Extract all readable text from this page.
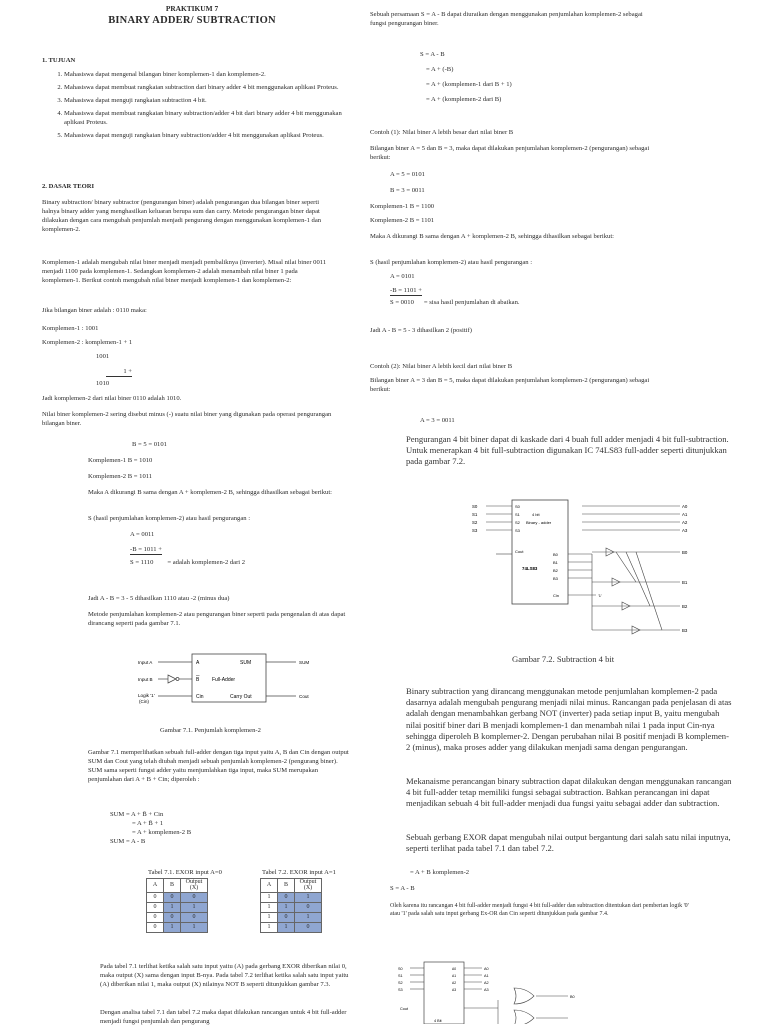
PRAKTIKUM 7
BINARY ADDER/ SUBTRACTION
1. TUJUAN
1. Mahasiswa dapat mengenal bilangan biner komplemen-1 dan komplemen-2.
2. Mahasiswa dapat membuat rangkaian subtraction dari binary adder 4 bit menggunakan aplikasi Proteus.
3. Mahasiswa dapat menguji rangkaian subtraction 4 bit.
4. Mahasiswa dapat membuat rangkaian binary subtraction/adder 4 bit dari binary adder 4 bit menggunakan aplikasi Proteus.
5. Mahasiswa dapat menguji rangkaian binary subtraction/adder 4 bit menggunakan aplikasi Proteus.
2. DASAR TEORI

Binary subtraction/ binary subtractor (pengurangan biner) adalah pengurangan dua bilangan biner seperti halnya binary adder yang menghasilkan keluaran berupa sum dan carry. Metode pengurangan biner dapat dilakukan dengan cara mengubah penjumlah menjadi pengurang dengan menggunakan komplemen-1 dan komplemen-2.

Komplemen-1 adalah mengubah nilai biner menjadi menjadi pembaliknya (inverter). Misal nilai biner 0011 menjadi 1100 pada komplemen-1. Sedangkan komplemen-2 adalah menambah nilai biner 1 pada komplemen-1. Berikut contoh mengubah nilai biner menjadi komplemen-1 dan komplemen-2:

Jika bilangan biner adalah : 0110 maka:

Komplemen-1 : 1001

Komplemen-2 : komplemen-1 + 1

1001
1 +
1010

Jadi komplemen-2 dari nilai biner 0110 adalah 1010.

Nilai biner komplemen-2 sering disebut minus (-) suatu nilai biner yang digunakan pada operasi pengurangan bilangan biner.

B = 5 = 0101

Komplemen-1 B = 1010

Komplemen-2 B = 1011

Maka A dikurangi B sama dengan A + komplemen-2 B, sehingga dihasilkan sebagai berikut:

S (hasil penjumlahan komplemen-2) atau hasil pengurangan :

A = 0011
-B = 1011 +
S = 1110 = adalah komplemen-2 dari 2

Jadi A - B = 3 - 5 dihasilkan 1110 atau -2 (minus dua)

Metode penjumlahan komplemen-2 atau pengurangan biner seperti pada pengenalan di atas dapat dirancang seperti pada gambar 7.1.

Input A
Input B
Logik '1'
(Cin)
A
B
SUM
Full-Adder
Cin	Carry Out
SUM
Cout

Gambar 7.1. Penjumlah komplemen-2

Gambar 7.1 memperlihatkan sebuah full-adder dengan tiga input yaitu A, B dan Cin dengan output SUM dan Cout yang telah diubah menjadi sebuah penjumlah komplemen-2 (pengurang biner). SUM sama seperti fungsi adder yaitu menjumlahkan tiga input, maka SUM merupakan penjumlahan dari A + B + Cin; diperoleh :

SUM = A + B̄ + Cin
= A + B̄ + 1
= A + komplemen-2 B
SUM = A - B
Tabel 7.1. EXOR input A=0
A	B	Output (X)
0	0	0
0	1	1
0	0	0
0	1	1
Tabel 7.2. EXOR input A=1
A	B	Output (X)
1	0	1
1	1	0
1	0	1
1	1	0

Pada tabel 7.1 terlihat ketika salah satu input yaitu (A) pada gerbang EXOR diberikan nilai 0, maka output (X) sama dengan input B-nya. Pada tabel 7.2 terlihat ketika salah satu input yaitu (A) diberikan nilai 1, maka output (X) nilainya NOT B seperti ditunjukkan gambar 7.3.

Dengan analisa tabel 7.1 dan tabel 7.2 maka dapat dilakukan rancangan untuk 4 bit full-adder menjadi fungsi penjumlah dan pengurang

Sebuah persamaan S = A - B dapat diuraikan dengan menggunakan penjumlahan komplemen-2 sebagai fungsi pengurangan biner.

S = A - B
= A + (-B)
= A + (komplemen-1 dari B + 1)
= A + (komplemen-2 dari B)

Contoh (1): Nilai biner A lebih besar dari nilai biner B

Bilangan biner A = 5 dan B = 3, maka dapat dilakukan penjumlahan komplemen-2 (pengurangan) sebagai berikut:

A = 5 = 0101

B = 3 = 0011

Komplemen-1 B = 1100

Komplemen-2 B = 1101

Maka A dikurangi B sama dengan A + komplemen-2 B, sehingga dihasilkan sebagai berikut:

S (hasil penjumlahan komplemen-2) atau hasil pengurangan :

A = 0101
-B = 1101 +
S = 0010 = sisa hasil penjumlahan di abaikan.

Jadi A - B = 5 - 3 dihasilkan 2 (positif)

Contoh (2): Nilai biner A lebih kecil dari nilai biner B

Bilangan biner A = 3 dan B = 5, maka dapat dilakukan penjumlahan komplemen-2 (pengurangan) sebagai berikut:

A = 3 = 0011

Pengurangan 4 bit biner dapat di kaskade dari 4 buah full adder menjadi 4 bit full-subtraction. Untuk menerapkan 4 bit full-subtraction digunakan IC 74LS83 full-adder seperti ditunjukkan pada gambar 7.2.

S0
S1
S2
S3
S0
S1
S2
S3
4 bit
Binary - adder
Cout
B0
B1
B2
B3
74LS83
Cin	'1'
A0
A1
A2
A3
B0
B1
B2
B3

Gambar 7.2. Subtraction 4 bit

Binary subtraction yang dirancang menggunakan metode penjumlahan komplemen-2 pada dasarnya adalah mengubah pengurang menjadi nilai minus. Rancangan pada penjelasan di atas adalah dengan menambahkan gerbang NOT (inverter) pada setiap input B, yaitu mengubah nilai positif biner dari B menjadi komplemen-1 dan menambah nilai 1 pada input Cin-nya sehingga diperoleh B komplemer-2. Dengan perubahan nilai B positif menjadi B komplemen-2 (minus), maka proses adder yang dilakukan menjadi sama dengan pengurangan.

Mekanaisme perancangan binary subtraction dapat dilakukan dengan menggunakan rancangan 4 bit full-adder tetap memiliki fungsi sebagai subtraction. Bahkan perancangan ini dapat menjadikan sebuah 4 bit full-adder menjadi dua fungsi yaitu sebagai adder dan subtraction.

Sebuah gerbang EXOR dapat mengubah nilai output bergantung dari salah satu nilai inputnya, seperti terlihat pada tabel 7.1 dan tabel 7.2.

= A + B komplemen-2

S = A - B

Oleh karena itu rancangan 4 bit full-adder menjadi fungsi 4 bit full-adder dan subtraction ditentukan dari pemberian logik '0' atau '1' pada salah satu input gerbang Ex-OR dan Cin seperti ditunjukkan pada gambar 7.4.

S0
S1
S2
S3
A0
A1
A2
A3
A0
A1
A2
A3
Cout
4 Bit
B0
